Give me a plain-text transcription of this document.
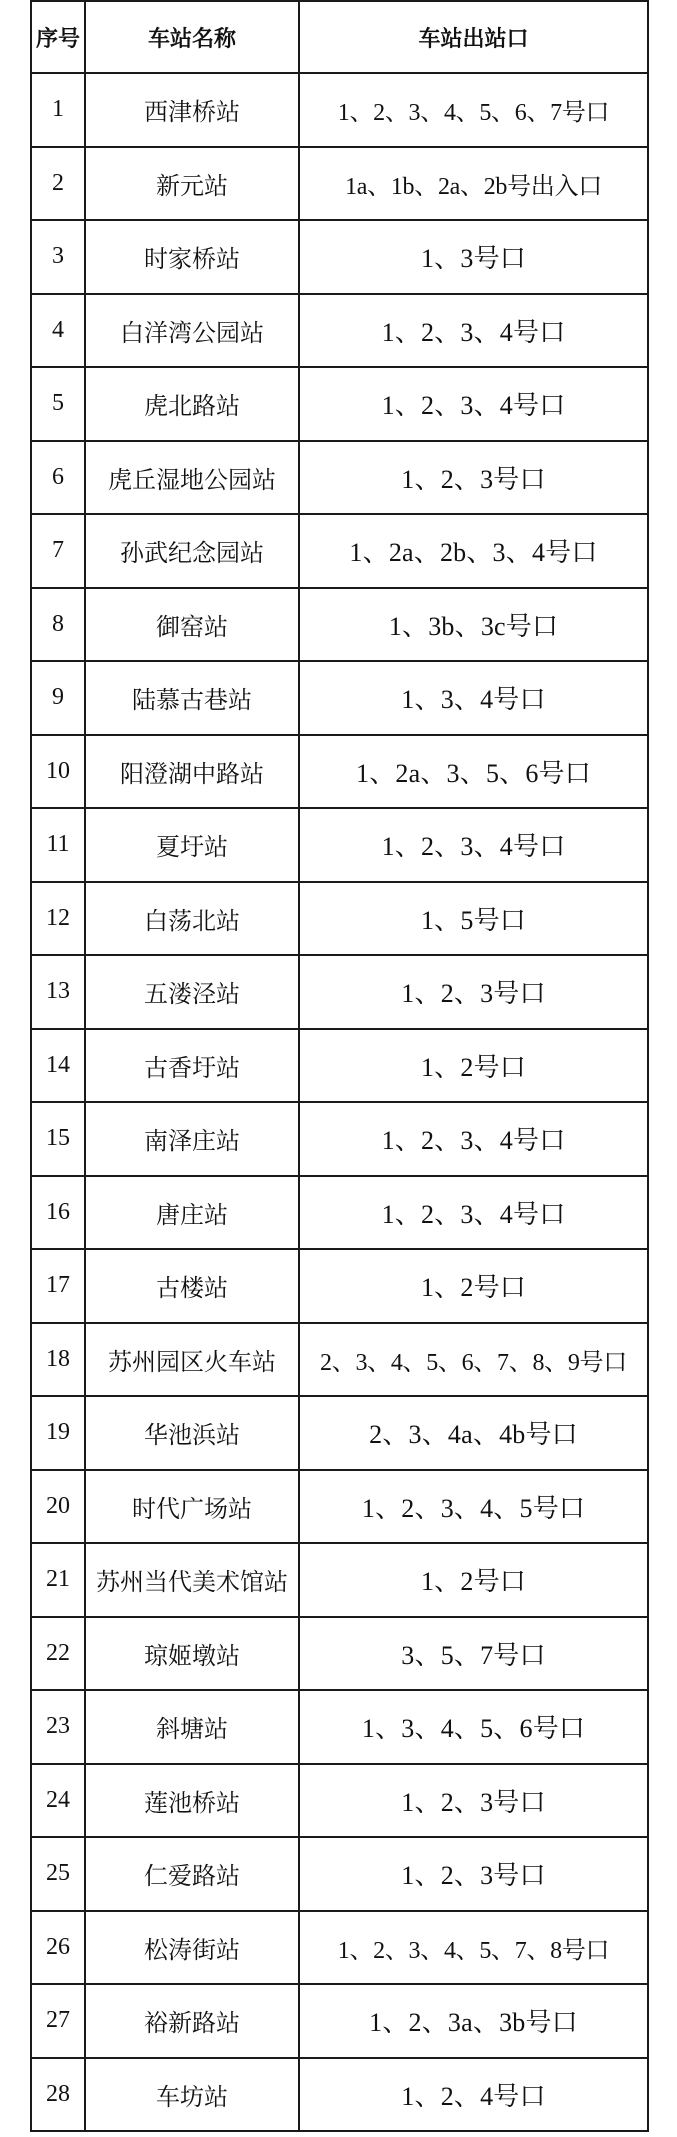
序号	车站名称	车站出站口
1	西津桥站	1、2、3、4、5、6、7号口
2	新元站	1a、1b、2a、2b号出入口
3	时家桥站	1、3号口
4	白洋湾公园站	1、2、3、4号口
5	虎北路站	1、2、3、4号口
6	虎丘湿地公园站	1、2、3号口
7	孙武纪念园站	1、2a、2b、3、4号口
8	御窑站	1、3b、3c号口
9	陆慕古巷站	1、3、4号口
10	阳澄湖中路站	1、2a、3、5、6号口
11	夏圩站	1、2、3、4号口
12	白荡北站	1、5号口
13	五溇泾站	1、2、3号口
14	古香圩站	1、2号口
15	南泽庄站	1、2、3、4号口
16	唐庄站	1、2、3、4号口
17	古楼站	1、2号口
18	苏州园区火车站	2、3、4、5、6、7、8、9号口
19	华池浜站	2、3、4a、4b号口
20	时代广场站	1、2、3、4、5号口
21	苏州当代美术馆站	1、2号口
22	琼姬墩站	3、5、7号口
23	斜塘站	1、3、4、5、6号口
24	莲池桥站	1、2、3号口
25	仁爱路站	1、2、3号口
26	松涛街站	1、2、3、4、5、7、8号口
27	裕新路站	1、2、3a、3b号口
28	车坊站	1、2、4号口
